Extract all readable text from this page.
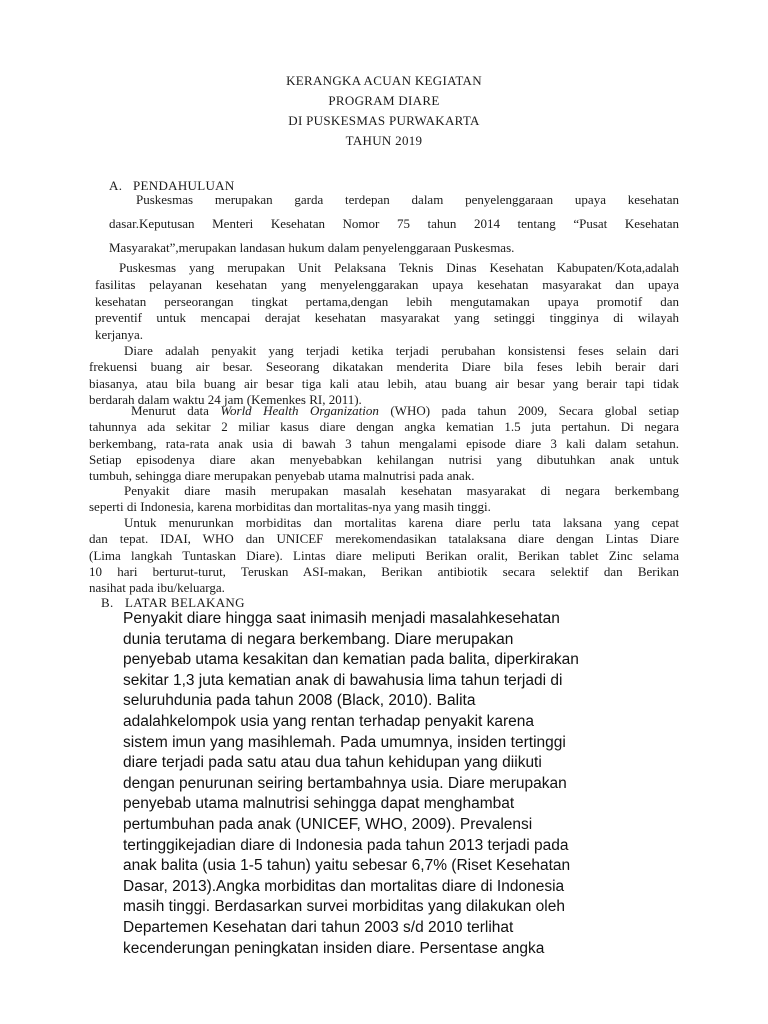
KERANGKA ACUAN KEGIATAN
PROGRAM DIARE
DI PUSKESMAS PURWAKARTA
TAHUN 2019
A. PENDAHULUAN
Puskesmas merupakan garda terdepan dalam penyelenggaraan upaya kesehatan
dasar.Keputusan Menteri Kesehatan Nomor 75 tahun 2014 tentang “Pusat Kesehatan
Masyarakat”,merupakan landasan hukum dalam penyelenggaraan Puskesmas.
Puskesmas yang merupakan Unit Pelaksana Teknis Dinas Kesehatan Kabupaten/Kota,adalah
fasilitas pelayanan kesehatan yang menyelenggarakan upaya kesehatan masyarakat dan upaya
kesehatan perseorangan tingkat pertama,dengan lebih mengutamakan upaya promotif dan
preventif untuk mencapai derajat kesehatan masyarakat yang setinggi tingginya di wilayah
kerjanya.
Diare adalah penyakit yang terjadi ketika terjadi perubahan konsistensi feses selain dari
frekuensi buang air besar. Seseorang dikatakan menderita Diare bila feses lebih berair dari
biasanya, atau bila buang air besar tiga kali atau lebih, atau buang air besar yang berair tapi tidak
berdarah dalam waktu 24 jam (Kemenkes RI, 2011).
Menurut data World Health Organization (WHO) pada tahun 2009, Secara global setiap
tahunnya ada sekitar 2 miliar kasus diare dengan angka kematian 1.5 juta pertahun. Di negara
berkembang, rata-rata anak usia di bawah 3 tahun mengalami episode diare 3 kali dalam setahun.
Setiap episodenya diare akan menyebabkan kehilangan nutrisi yang dibutuhkan anak untuk
tumbuh, sehingga diare merupakan penyebab utama malnutrisi pada anak.
Penyakit diare masih merupakan masalah kesehatan masyarakat di negara berkembang
seperti di Indonesia, karena morbiditas dan mortalitas-nya yang masih tinggi.
Untuk menurunkan morbiditas dan mortalitas karena diare perlu tata laksana yang cepat
dan tepat. IDAI, WHO dan UNICEF merekomendasikan tatalaksana diare dengan Lintas Diare
(Lima langkah Tuntaskan Diare). Lintas diare meliputi Berikan oralit, Berikan tablet Zinc selama
10 hari berturut-turut, Teruskan ASI-makan, Berikan antibiotik secara selektif dan Berikan
nasihat pada ibu/keluarga.
B. LATAR BELAKANG
Penyakit diare hingga saat inimasih menjadi masalahkesehatan
dunia terutama di negara berkembang. Diare merupakan
penyebab utama kesakitan dan kematian pada balita, diperkirakan
sekitar 1,3 juta kematian anak di bawahusia lima tahun terjadi di
seluruhdunia pada tahun 2008 (Black, 2010). Balita
adalahkelompok usia yang rentan terhadap penyakit karena
sistem imun yang masihlemah. Pada umumnya, insiden tertinggi
diare terjadi pada satu atau dua tahun kehidupan yang diikuti
dengan penurunan seiring bertambahnya usia. Diare merupakan
penyebab utama malnutrisi sehingga dapat menghambat
pertumbuhan pada anak (UNICEF, WHO, 2009). Prevalensi
tertinggikejadian diare di Indonesia pada tahun 2013 terjadi pada
anak balita (usia 1-5 tahun) yaitu sebesar 6,7% (Riset Kesehatan
Dasar, 2013).Angka morbiditas dan mortalitas diare di Indonesia
masih tinggi. Berdasarkan survei morbiditas yang dilakukan oleh
Departemen Kesehatan dari tahun 2003 s/d 2010 terlihat
kecenderungan peningkatan insiden diare. Persentase angka
